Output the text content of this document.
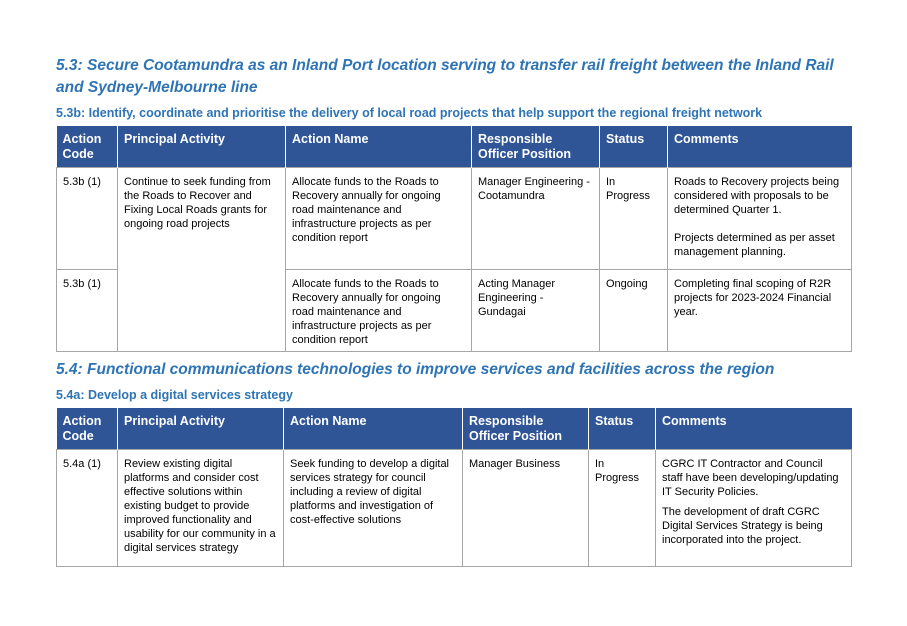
5.3: Secure Cootamundra as an Inland Port location serving to transfer rail freight between the Inland Rail and Sydney-Melbourne line
5.3b: Identify, coordinate and prioritise the delivery of local road projects that help support the regional freight network
Action Code	Principal Activity	Action Name	Responsible Officer Position	Status	Comments
5.3b (1)	Continue to seek funding from the Roads to Recover and Fixing Local Roads grants for ongoing road projects	Allocate funds to the Roads to Recovery annually for ongoing road maintenance and infrastructure projects as per condition report	Manager Engineering - Cootamundra	In Progress	Roads to Recovery projects being considered with proposals to be determined Quarter 1.

Projects determined as per asset management planning.

5.3b (1)		Allocate funds to the Roads to Recovery annually for ongoing road maintenance and infrastructure projects as per condition report	Acting Manager Engineering - Gundagai	Ongoing	Completing final scoping of R2R projects for 2023-2024 Financial year.

5.4: Functional communications technologies to improve services and facilities across the region
5.4a: Develop a digital services strategy
Action Code	Principal Activity	Action Name	Responsible Officer Position	Status	Comments
5.4a (1)	Review existing digital platforms and consider cost effective solutions within existing budget to provide improved functionality and usability for our community in a digital services strategy	Seek funding to develop a digital services strategy for council including a review of digital platforms and investigation of cost-effective solutions	Manager Business	In Progress	CGRC IT Contractor and Council staff have been developing/updating IT Security Policies.

The development of draft CGRC Digital Services Strategy is being incorporated into the project.
